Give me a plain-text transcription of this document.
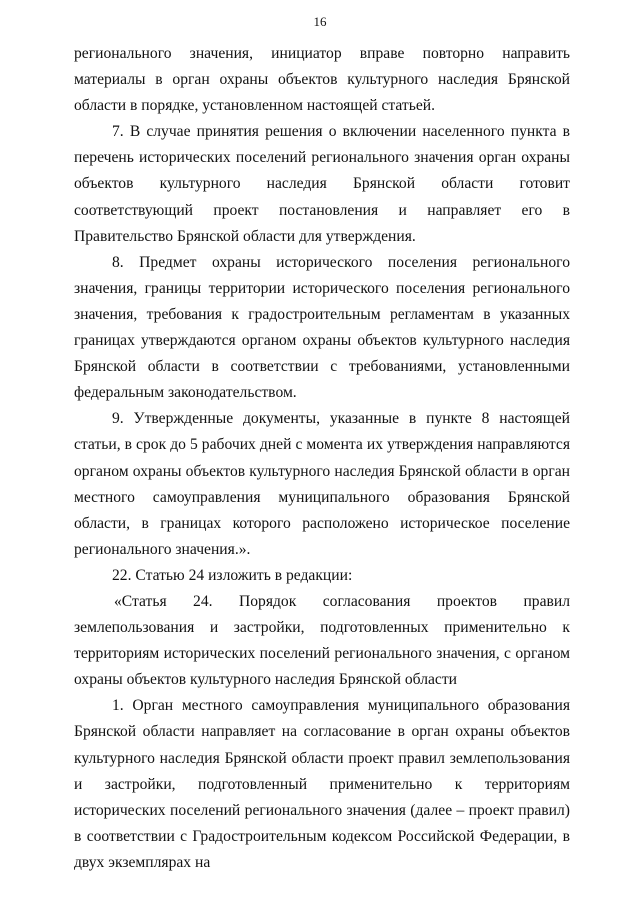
16

регионального значения, инициатор вправе повторно направить материалы в орган охраны объектов культурного наследия Брянской области в порядке, установленном настоящей статьей.

7. В случае принятия решения о включении населенного пункта в перечень исторических поселений регионального значения орган охраны объектов культурного наследия Брянской области готовит соответствующий проект постановления и направляет его в Правительство Брянской области для утверждения.

8. Предмет охраны исторического поселения регионального значения, границы территории исторического поселения регионального значения, требования к градостроительным регламентам в указанных границах утверждаются органом охраны объектов культурного наследия Брянской области в соответствии с требованиями, установленными федеральным законодательством.

9. Утвержденные документы, указанные в пункте 8 настоящей статьи, в срок до 5 рабочих дней с момента их утверждения направляются органом охраны объектов культурного наследия Брянской области в орган местного самоуправления муниципального образования Брянской области, в границах которого расположено историческое поселение регионального значения.».

22. Статью 24 изложить в редакции:

«Статья 24. Порядок согласования проектов правил землепользования и застройки, подготовленных применительно к территориям исторических поселений регионального значения, с органом охраны объектов культурного наследия Брянской области

1. Орган местного самоуправления муниципального образования Брянской области направляет на согласование в орган охраны объектов культурного наследия Брянской области проект правил землепользования и застройки, подготовленный применительно к территориям исторических поселений регионального значения (далее – проект правил) в соответствии с Градостроительным кодексом Российской Федерации, в двух экземплярах на
